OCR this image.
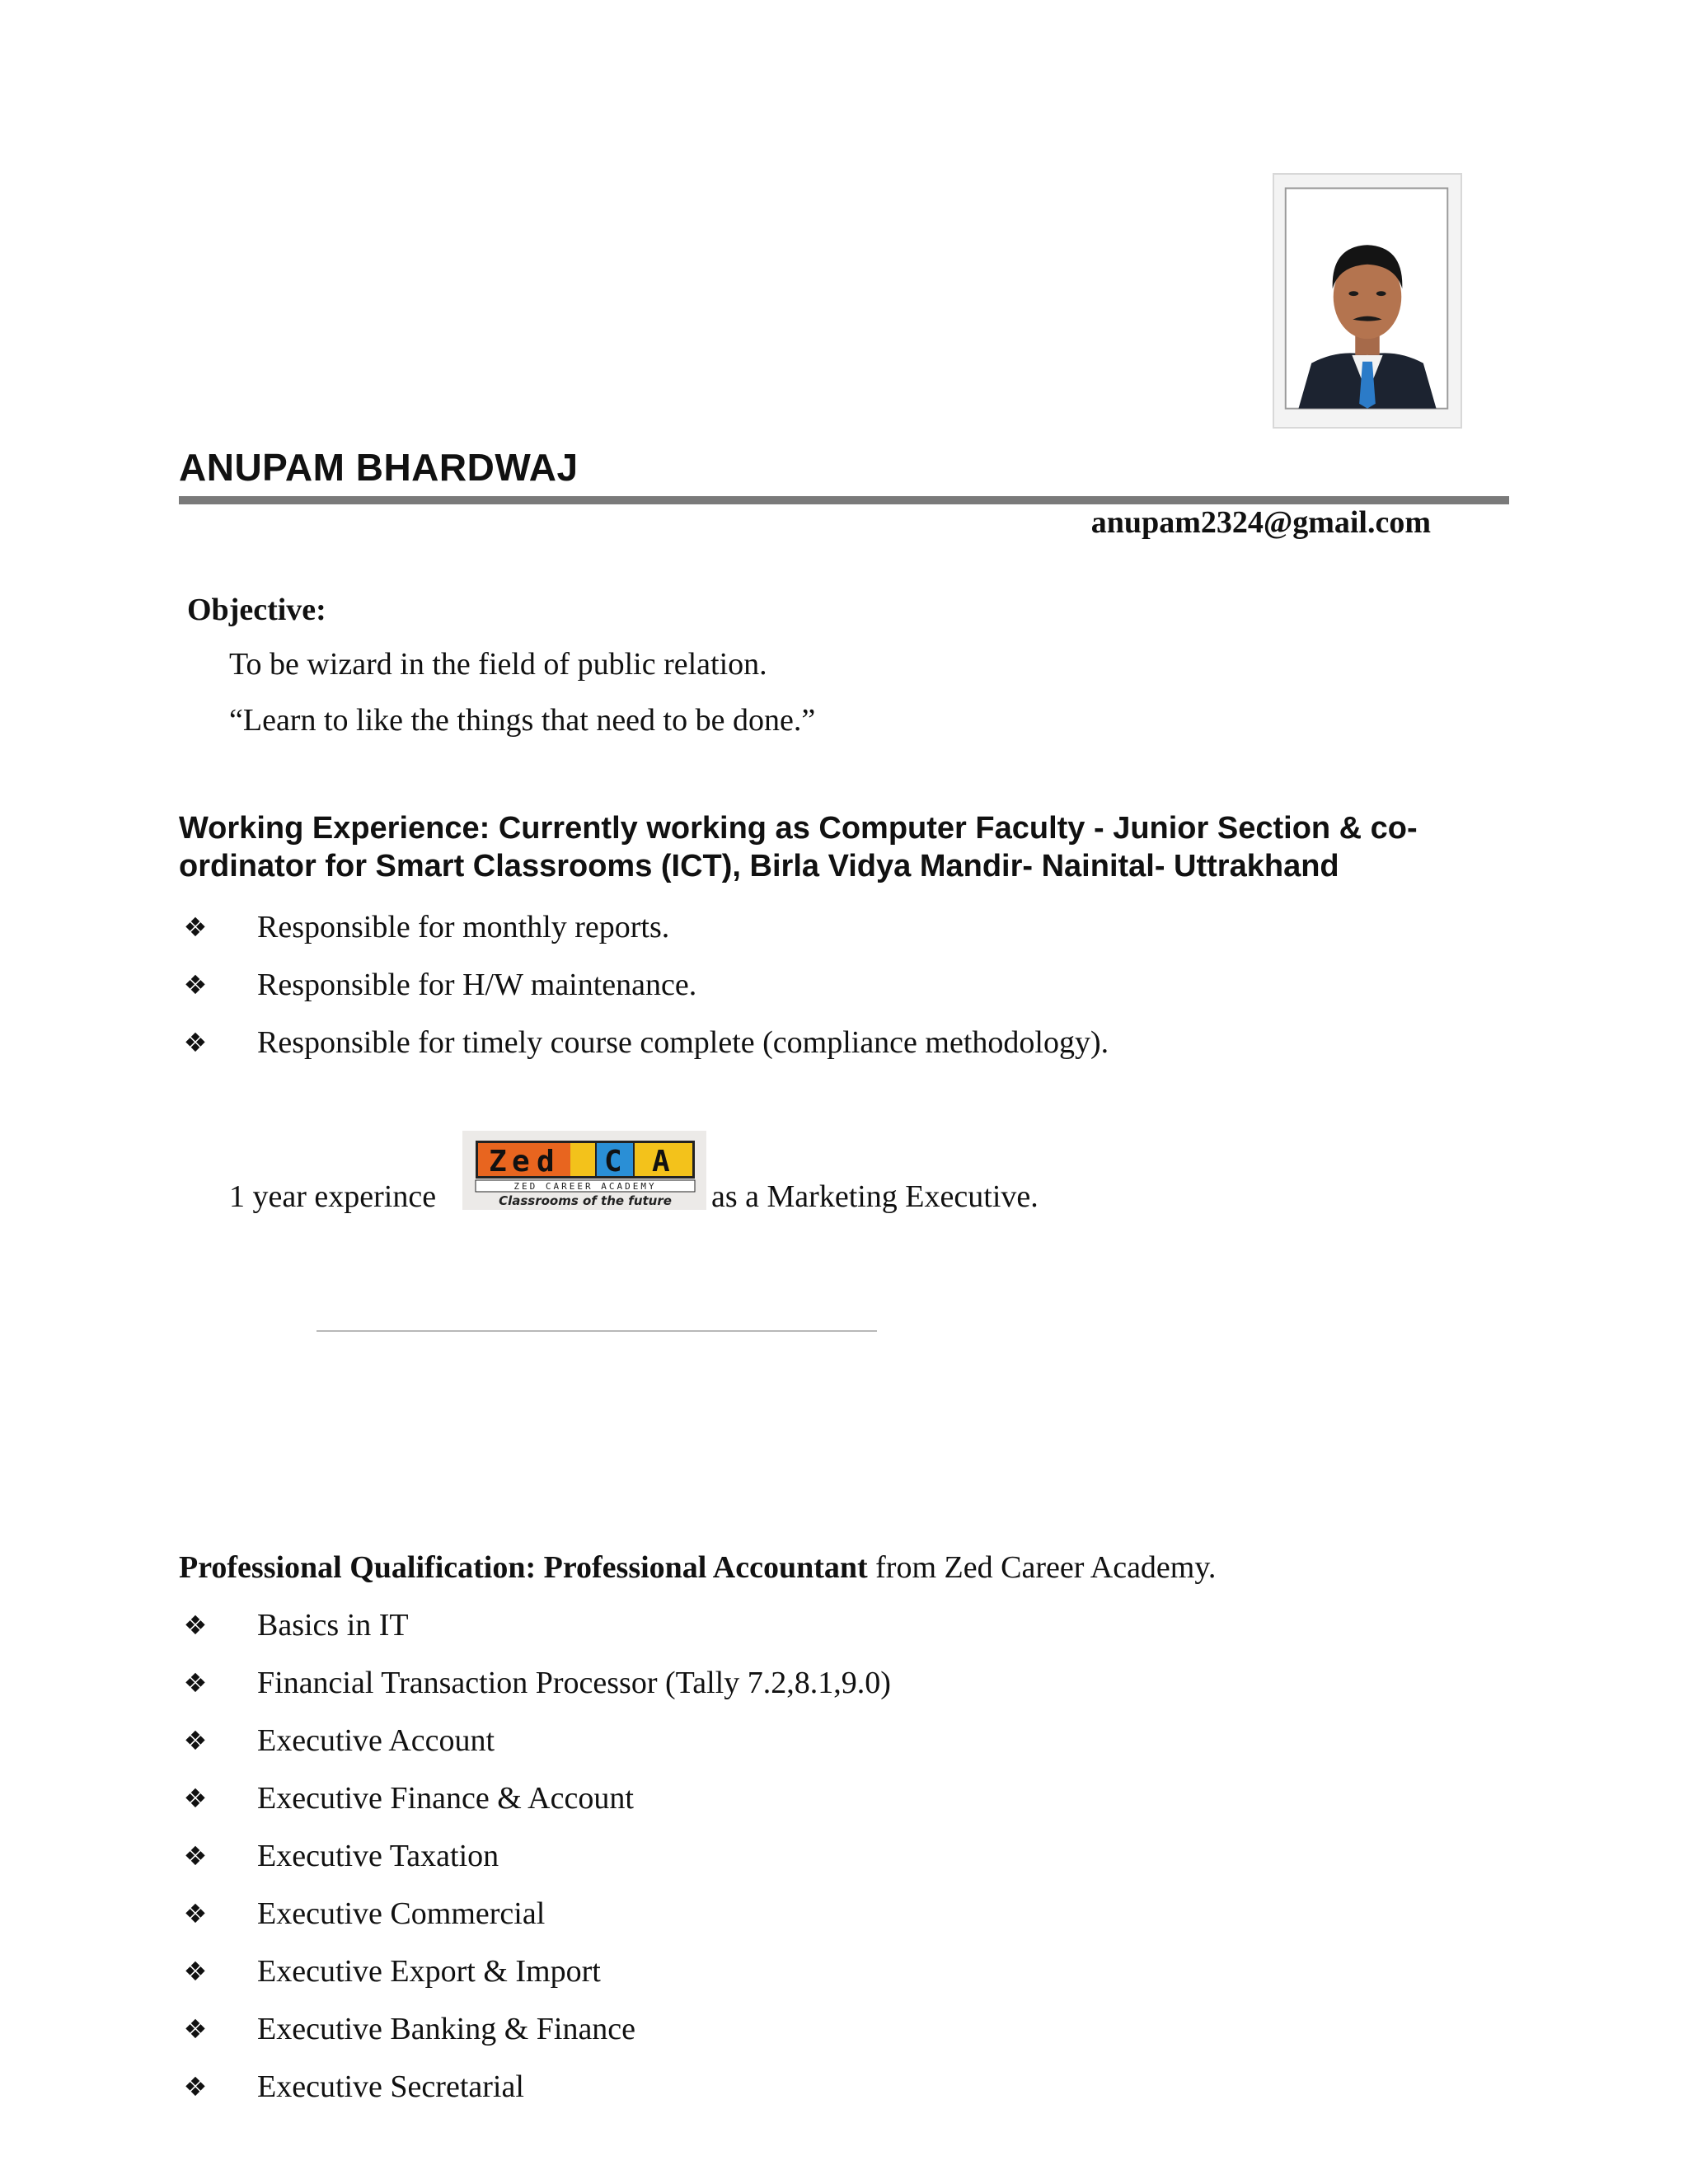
ANUPAM BHARDWAJ
anupam2324@gmail.com
Objective:
To be wizard in the field of public relation.
“Learn to like the things that need to be done.”
Working Experience: Currently working as Computer Faculty - Junior Section & co-ordinator for Smart Classrooms (ICT), Birla Vidya Mandir- Nainital- Uttrakhand
❖ Responsible for monthly reports.
❖ Responsible for H/W maintenance.
❖ Responsible for timely course complete (compliance methodology).
1 year experince
Z e d C A
ZED CAREER ACADEMY
Classrooms of the future as a Marketing Executive.
Professional Qualification: Professional Accountant from Zed Career Academy.
❖ Basics in IT
❖ Financial Transaction Processor (Tally 7.2,8.1,9.0)
❖ Executive Account
❖ Executive Finance & Account
❖ Executive Taxation
❖ Executive Commercial
❖ Executive Export & Import
❖ Executive Banking & Finance
❖ Executive Secretarial
